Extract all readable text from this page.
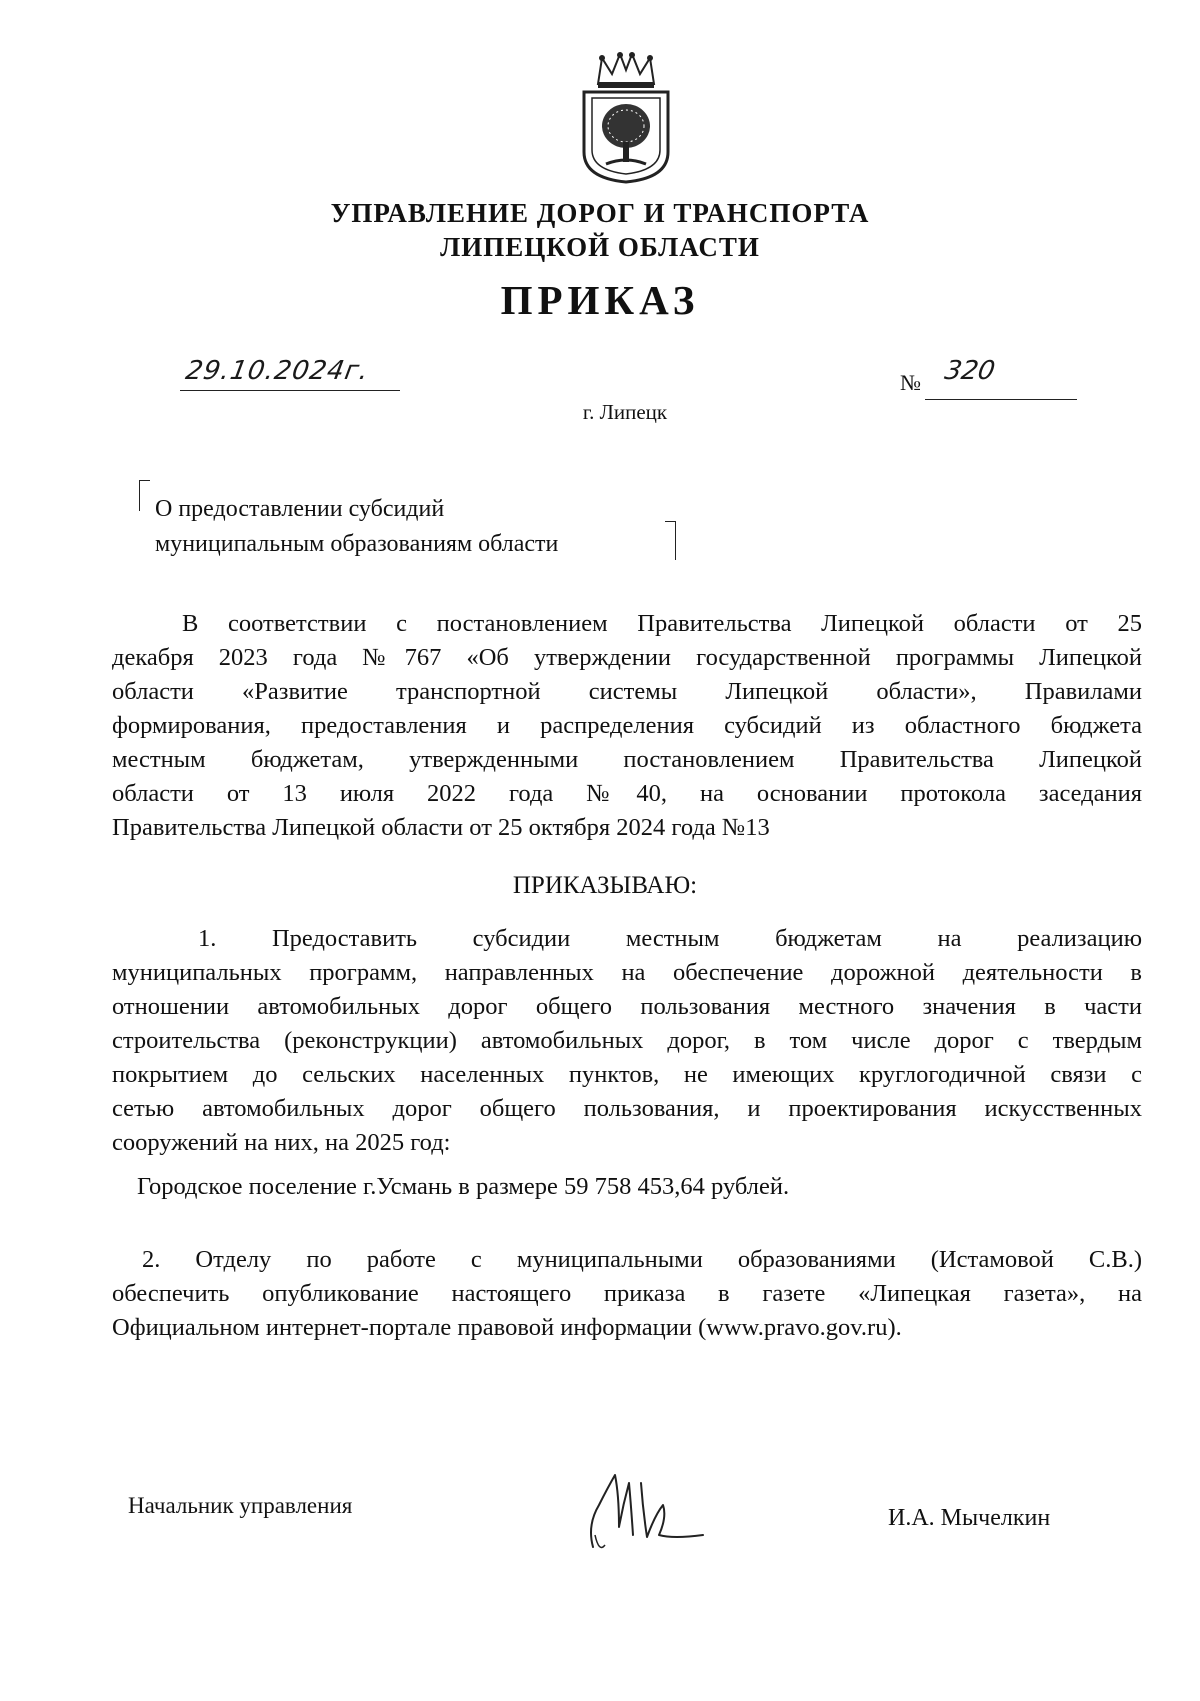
УПРАВЛЕНИЕ ДОРОГ И ТРАНСПОРТА
ЛИПЕЦКОЙ ОБЛАСТИ
ПРИКАЗ
29.10.2024г.	№ 320
г. Липецк
О предоставлении субсидий
муниципальным образованиям области
В соответствии с постановлением Правительства Липецкой области от 25
декабря 2023 года №767 «Об утверждении государственной программы Липецкой
области «Развитие транспортной системы Липецкой области», Правилами
формирования, предоставления и распределения субсидий из областного бюджета
местным бюджетам, утвержденными постановлением Правительства Липецкой
области от 13 июля 2022 года №40, на основании протокола заседания
Правительства Липецкой области от 25 октября 2024 года №13
ПРИКАЗЫВАЮ:
1. Предоставить субсидии местным бюджетам на реализацию
муниципальных программ, направленных на обеспечение дорожной деятельности в
отношении автомобильных дорог общего пользования местного значения в части
строительства (реконструкции) автомобильных дорог, в том числе дорог с твердым
покрытием до сельских населенных пунктов, не имеющих круглогодичной связи с
сетью автомобильных дорог общего пользования, и проектирования искусственных
сооружений на них, на 2025 год:
Городское поселение г.Усмань в размере 59 758 453,64 рублей.
2. Отделу по работе с муниципальными образованиями (Истамовой С.В.)
обеспечить опубликование настоящего приказа в газете «Липецкая газета», на
Официальном интернет-портале правовой информации (www.pravo.gov.ru).
Начальник управления	И.А. Мычелкин
